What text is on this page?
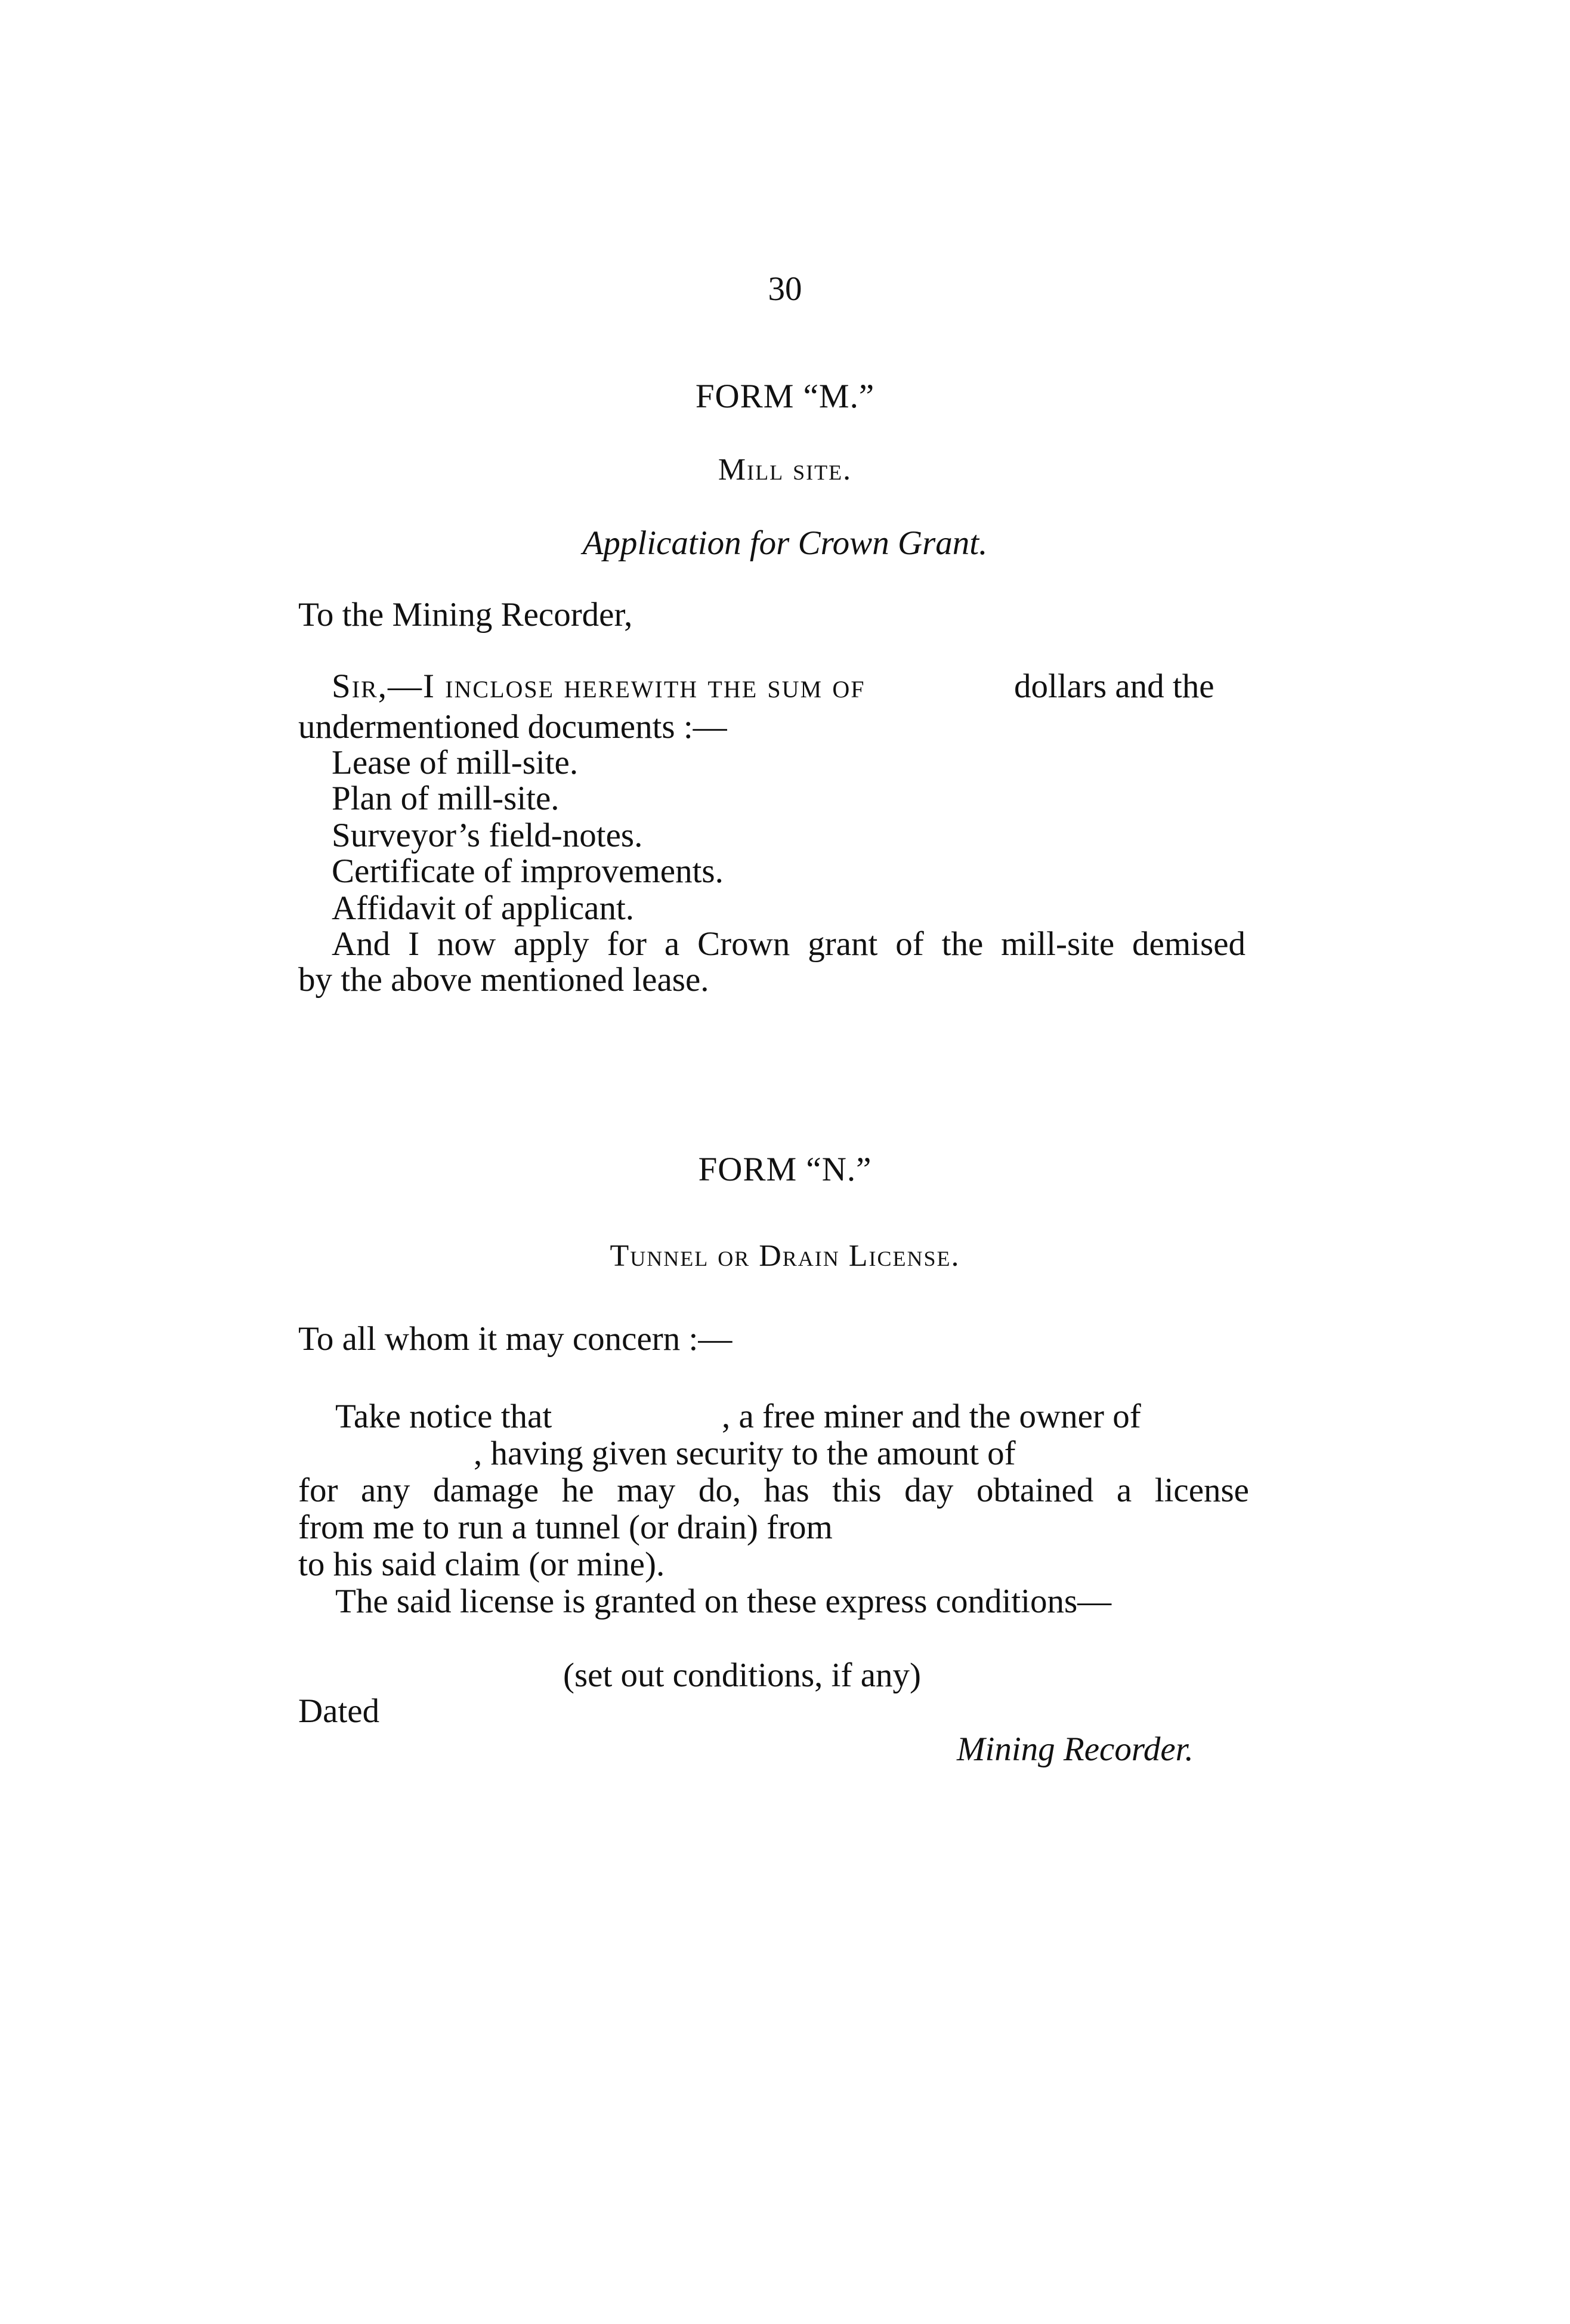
30
FORM “M.”
Mill site.
Application for Crown Grant.
To the Mining Recorder,
Sir,—I inclose herewith the sum of	dollars and the
undermentioned documents :—
Lease of mill-site.
Plan of mill-site.
Surveyor’s field-notes.
Certificate of improvements.
Affidavit of applicant.
And I now apply for a Crown grant of the mill-site demised
by the above mentioned lease.
FORM “N.”
Tunnel or Drain License.
To all whom it may concern :—
Take notice that	, a free miner and the owner of
, having given security to the amount of
for any damage he may do, has this day obtained a license
from me to run a tunnel (or drain) from
to his said claim (or mine).
The said license is granted on these express conditions—
(set out conditions, if any)
Dated
Mining Recorder.
